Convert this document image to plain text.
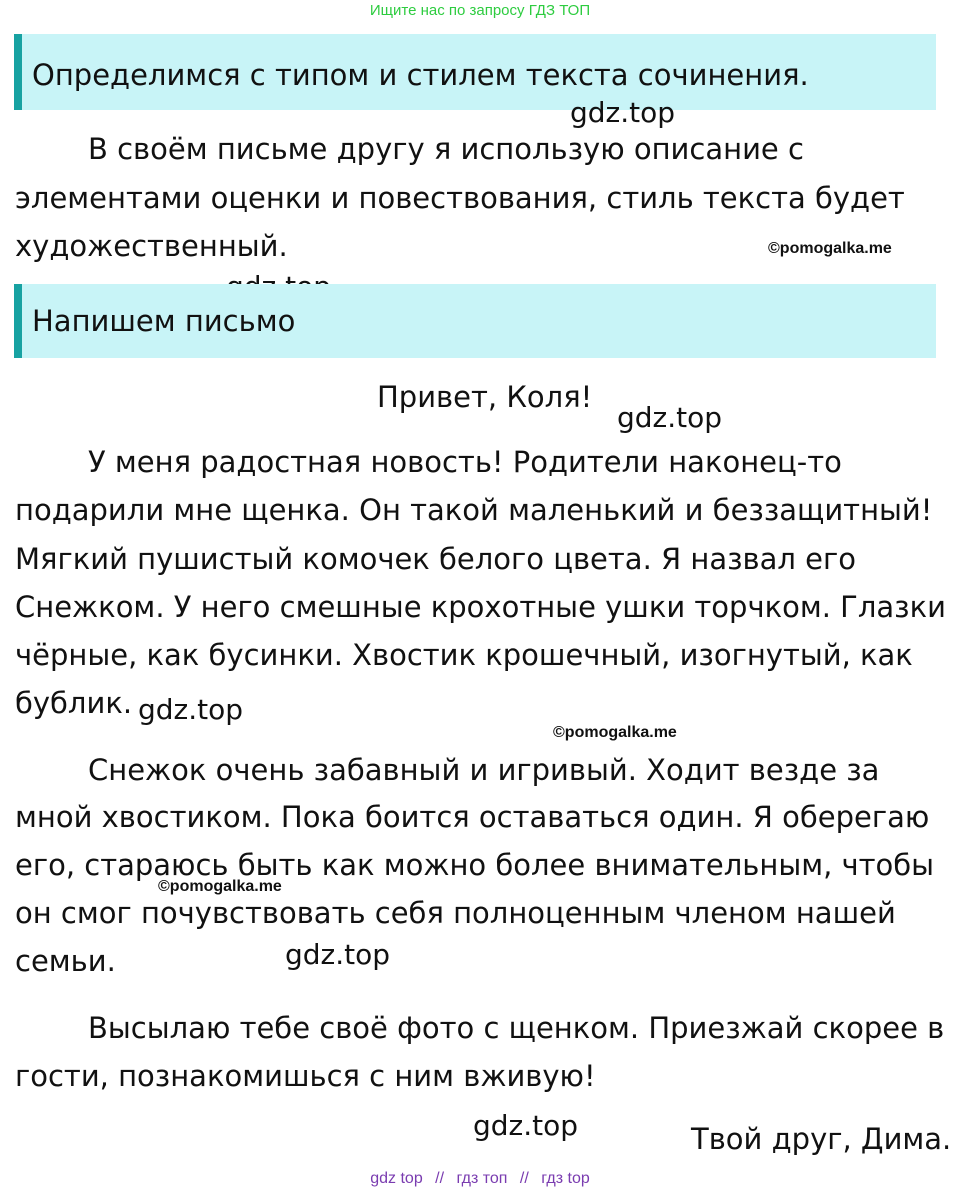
Ищите нас по запросу ГДЗ ТОП
Определимся с типом и стилем текста сочинения.
gdz.top
В своём письме другу я использую описание с
элементами оценки и повествования, стиль текста будет
художественный.	©pomogalka.me
Напишем письмо
Привет, Коля!
gdz.top
У меня радостная новость! Родители наконец-то
подарили мне щенка. Он такой маленький и беззащитный!
Мягкий пушистый комочек белого цвета. Я назвал его
Снежком. У него смешные крохотные ушки торчком. Глазки
чёрные, как бусинки. Хвостик крошечный, изогнутый, как
бублик. gdz.top
©pomogalka.me
Снежок очень забавный и игривый. Ходит везде за
мной хвостиком. Пока боится оставаться один. Я оберегаю
его, стараюсь быть как можно более внимательным, чтобы
©pomogalka.me
он смог почувствовать себя полноценным членом нашей
семьи.	gdz.top
Высылаю тебе своё фото с щенком. Приезжай скорее в
гости, познакомишься с ним вживую!
gdz.top	Твой друг, Дима.
gdz top // гдз топ // гдз top
